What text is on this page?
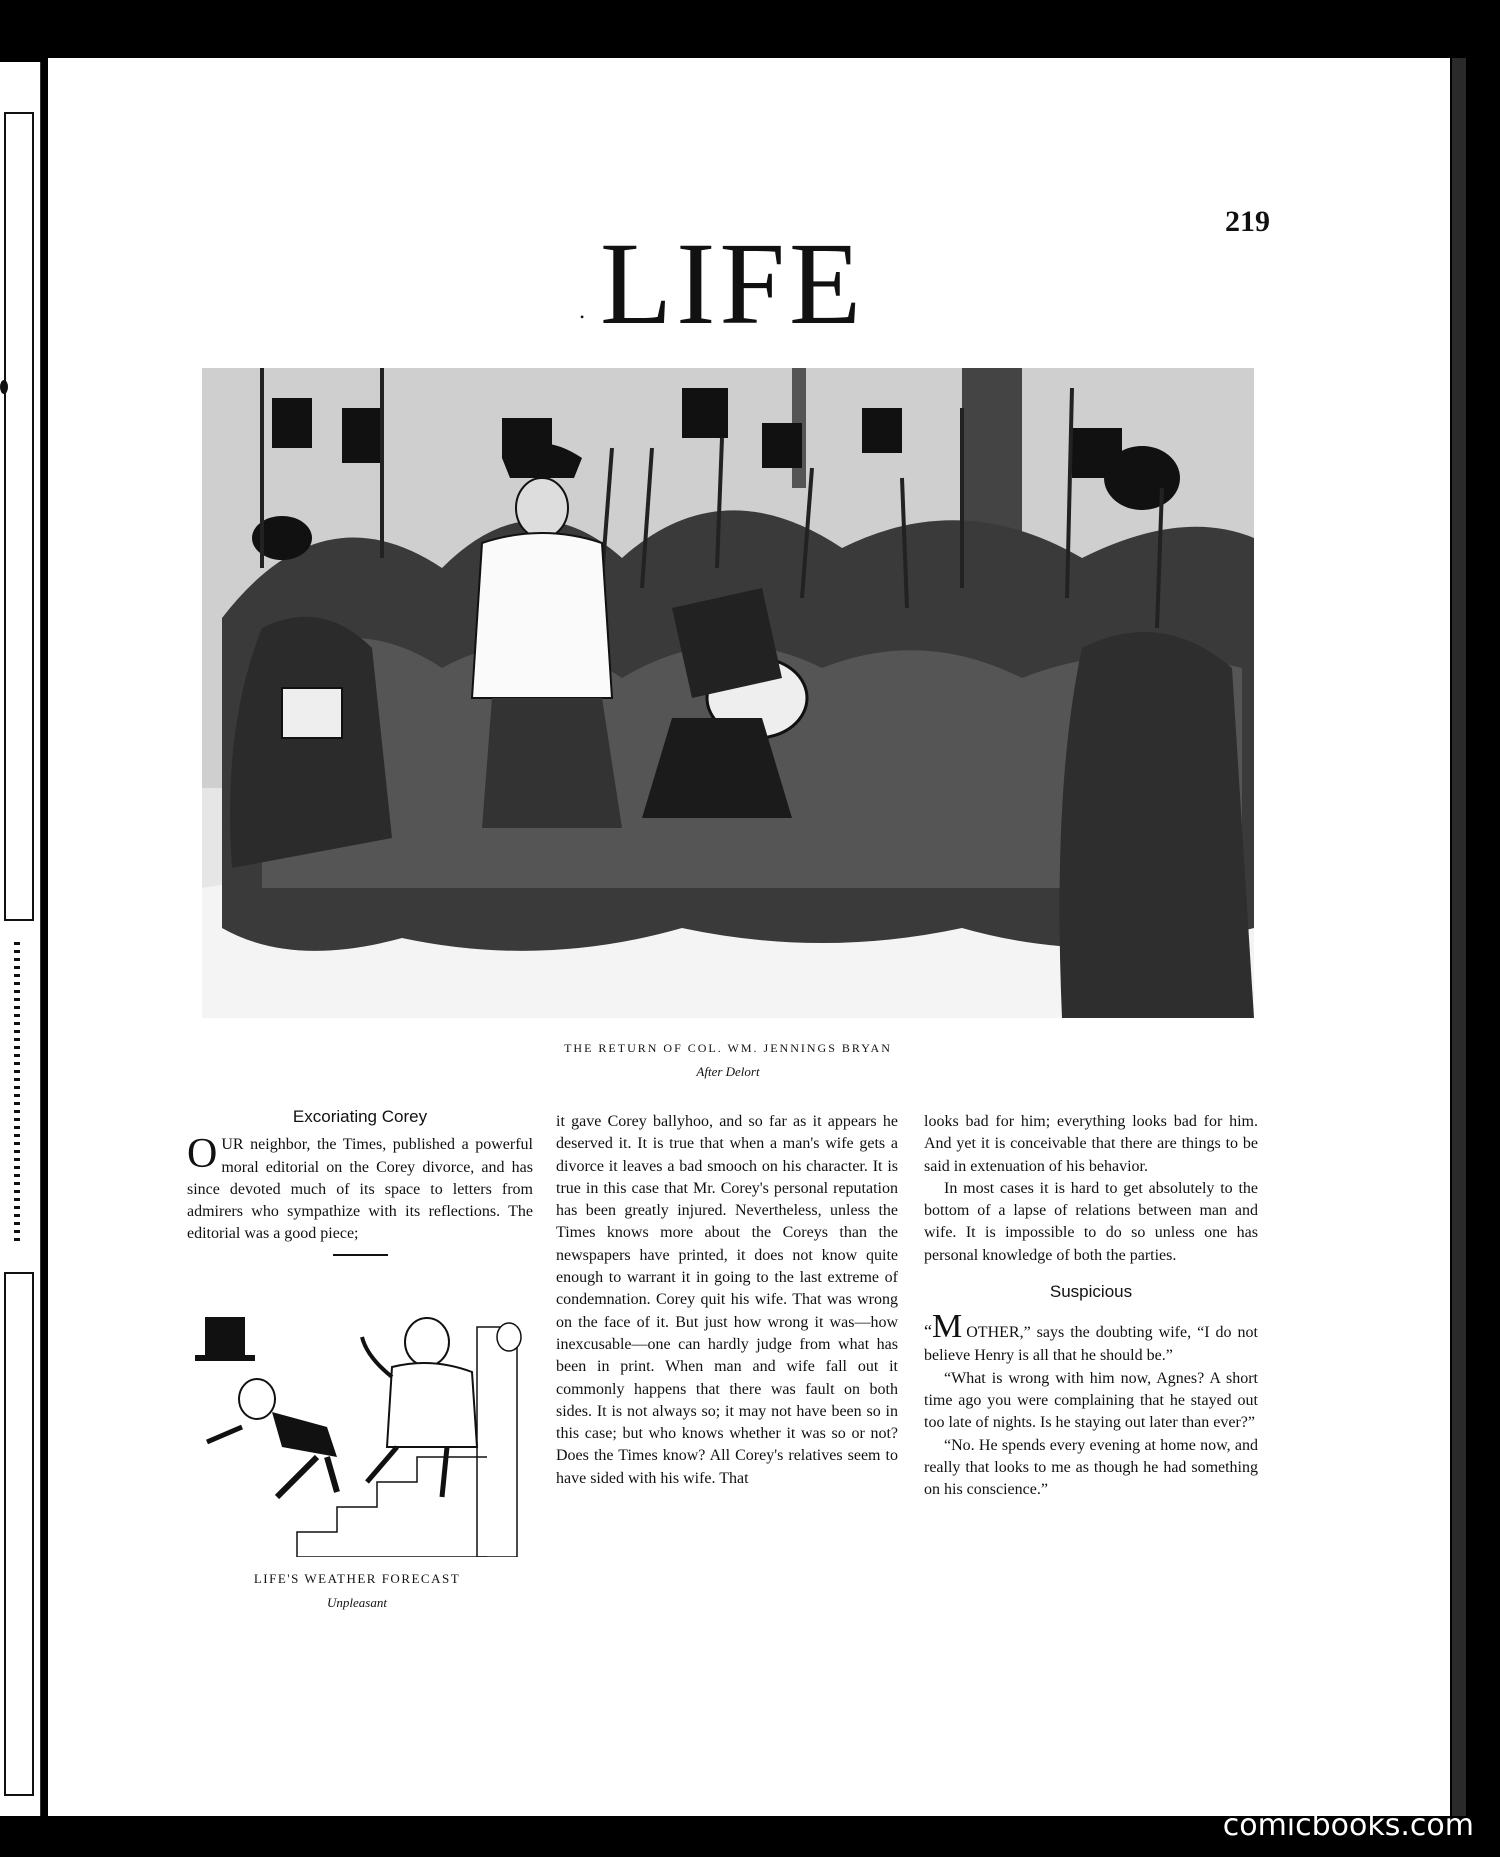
219
• LIFE
THE RETURN OF COL. WM. JENNINGS BRYAN
After Delort
Excoriating Corey

OUR neighbor, the Times, published a powerful moral editorial on the Corey divorce, and has since devoted much of its space to letters from admirers who sympathize with its reflections. The editorial was a good piece;

LIFE'S WEATHER FORECAST
Unpleasant

it gave Corey ballyhoo, and so far as it appears he deserved it. It is true that when a man's wife gets a divorce it leaves a bad smooch on his character. It is true in this case that Mr. Corey's personal reputation has been greatly injured. Nevertheless, unless the Times knows more about the Coreys than the newspapers have printed, it does not know quite enough to warrant it in going to the last extreme of condemnation. Corey quit his wife. That was wrong on the face of it. But just how wrong it was—how inexcusable—one can hardly judge from what has been in print. When man and wife fall out it commonly happens that there was fault on both sides. It is not always so; it may not have been so in this case; but who knows whether it was so or not? Does the Times know? All Corey's relatives seem to have sided with his wife. That

looks bad for him; everything looks bad for him. And yet it is conceivable that there are things to be said in extenuation of his behavior.

In most cases it is hard to get absolutely to the bottom of a lapse of relations between man and wife. It is impossible to do so unless one has personal knowledge of both the parties.

Suspicious

“M OTHER,” says the doubting wife, “I do not believe Henry is all that he should be.”

“What is wrong with him now, Agnes? A short time ago you were complaining that he stayed out too late of nights. Is he staying out later than ever?”

“No. He spends every evening at home now, and really that looks to me as though he had something on his conscience.”

comicbooks.com
